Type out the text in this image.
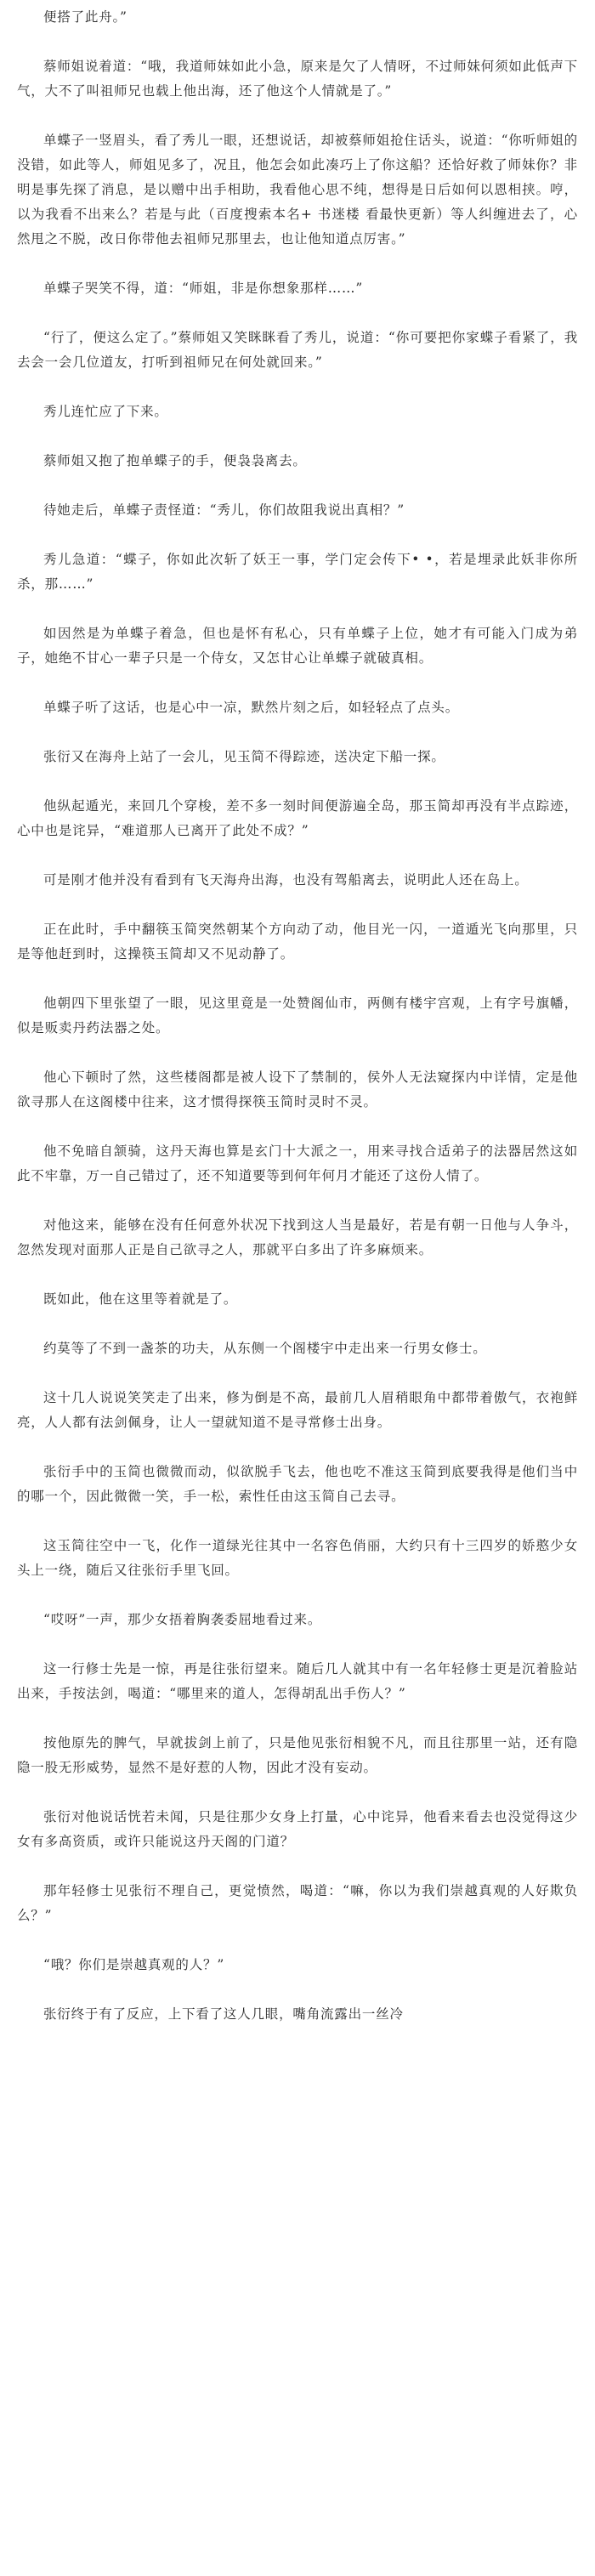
便搭了此舟。”

蔡师姐说着道：“哦，我道师妹如此小急，原来是欠了人情呀，不过师妹何须如此低声下气，大不了叫祖师兄也载上他出海，还了他这个人情就是了。”

单蝶子一竖眉头，看了秀儿一眼，还想说话，却被蔡师姐抢住话头，说道：“你听师姐的没错，如此等人，师姐见多了，况且，他怎会如此凑巧上了你这船？还恰好救了师妹你？非明是事先探了消息，是以赠中出手相助，我看他心思不纯，想得是日后如何以恩相挟。哼，以为我看不出来么？若是与此（百度搜索本名+ 书迷楼 看最快更新）等人纠缠进去了，心然甩之不脱，改日你带他去祖师兄那里去，也让他知道点厉害。”

单蝶子哭笑不得，道：“师姐，非是你想象那样……”

“行了，便这么定了。”蔡师姐又笑眯眯看了秀儿，说道：“你可要把你家蝶子看紧了，我去会一会几位道友，打听到祖师兄在何处就回来。”

秀儿连忙应了下来。

蔡师姐又抱了抱单蝶子的手，便袅袅离去。

待她走后，单蝶子责怪道：“秀儿，你们故阻我说出真相？”

秀儿急道：“蝶子，你如此次斩了妖王一事，学门定会传下• •，若是埋录此妖非你所杀，那……”

如因然是为单蝶子着急，但也是怀有私心，只有单蝶子上位，她才有可能入门成为弟子，她绝不甘心一辈子只是一个侍女，又怎甘心让单蝶子就破真相。

单蝶子听了这话，也是心中一凉，默然片刻之后，如轻轻点了点头。

张衍又在海舟上站了一会儿，见玉简不得踪迹，送决定下船一探。

他纵起遁光，来回几个穿梭，差不多一刻时间便游遍全岛，那玉简却再没有半点踪迹，心中也是诧异，“难道那人已离开了此处不成？”

可是刚才他并没有看到有飞天海舟出海，也没有驾船离去，说明此人还在岛上。

正在此时，手中翻筷玉简突然朝某个方向动了动，他目光一闪，一道遁光飞向那里，只是等他赶到时，这操筷玉简却又不见动静了。

他朝四下里张望了一眼，见这里竟是一处赞阁仙市，两侧有楼宇宫观，上有字号旗幡，似是贩卖丹药法器之处。

他心下顿时了然，这些楼阁都是被人设下了禁制的，侯外人无法窥探内中详情，定是他欲寻那人在这阁楼中往来，这才惯得探筷玉简时灵时不灵。

他不免暗自颔骑，这丹天海也算是玄门十大派之一，用来寻找合适弟子的法器居然这如此不牢靠，万一自己错过了，还不知道要等到何年何月才能还了这份人情了。

对他这来，能够在没有任何意外状况下找到这人当是最好，若是有朝一日他与人争斗，忽然发现对面那人正是自己欲寻之人，那就平白多出了许多麻烦来。

既如此，他在这里等着就是了。

约莫等了不到一盏茶的功夫，从东侧一个阁楼宇中走出来一行男女修士。

这十几人说说笑笑走了出来，修为倒是不高，最前几人眉稍眼角中都带着傲气，衣袍鲜亮，人人都有法剑佩身，让人一望就知道不是寻常修士出身。

张衍手中的玉简也微微而动，似欲脱手飞去，他也吃不准这玉简到底要我得是他们当中的哪一个，因此微微一笑，手一松，索性任由这玉简自己去寻。

这玉简往空中一飞，化作一道绿光往其中一名容色俏丽，大约只有十三四岁的娇憨少女头上一绕，随后又往张衍手里飞回。

“哎呀”一声，那少女捂着胸袭委屈地看过来。

这一行修士先是一惊，再是往张衍望来。随后几人就其中有一名年轻修士更是沉着脸站出来，手按法剑，喝道：“哪里来的道人，怎得胡乱出手伤人？”

按他原先的脾气，早就拔剑上前了，只是他见张衍相貌不凡，而且往那里一站，还有隐隐一股无形威势，显然不是好惹的人物，因此才没有妄动。

张衍对他说话恍若未闻，只是往那少女身上打量，心中诧异，他看来看去也没觉得这少女有多高资质，或许只能说这丹天阁的门道？

那年轻修士见张衍不理自己，更觉愤然，喝道：“嘛，你以为我们崇越真观的人好欺负么？”

“哦？你们是崇越真观的人？”

张衍终于有了反应，上下看了这人几眼，嘴角流露出一丝冷
